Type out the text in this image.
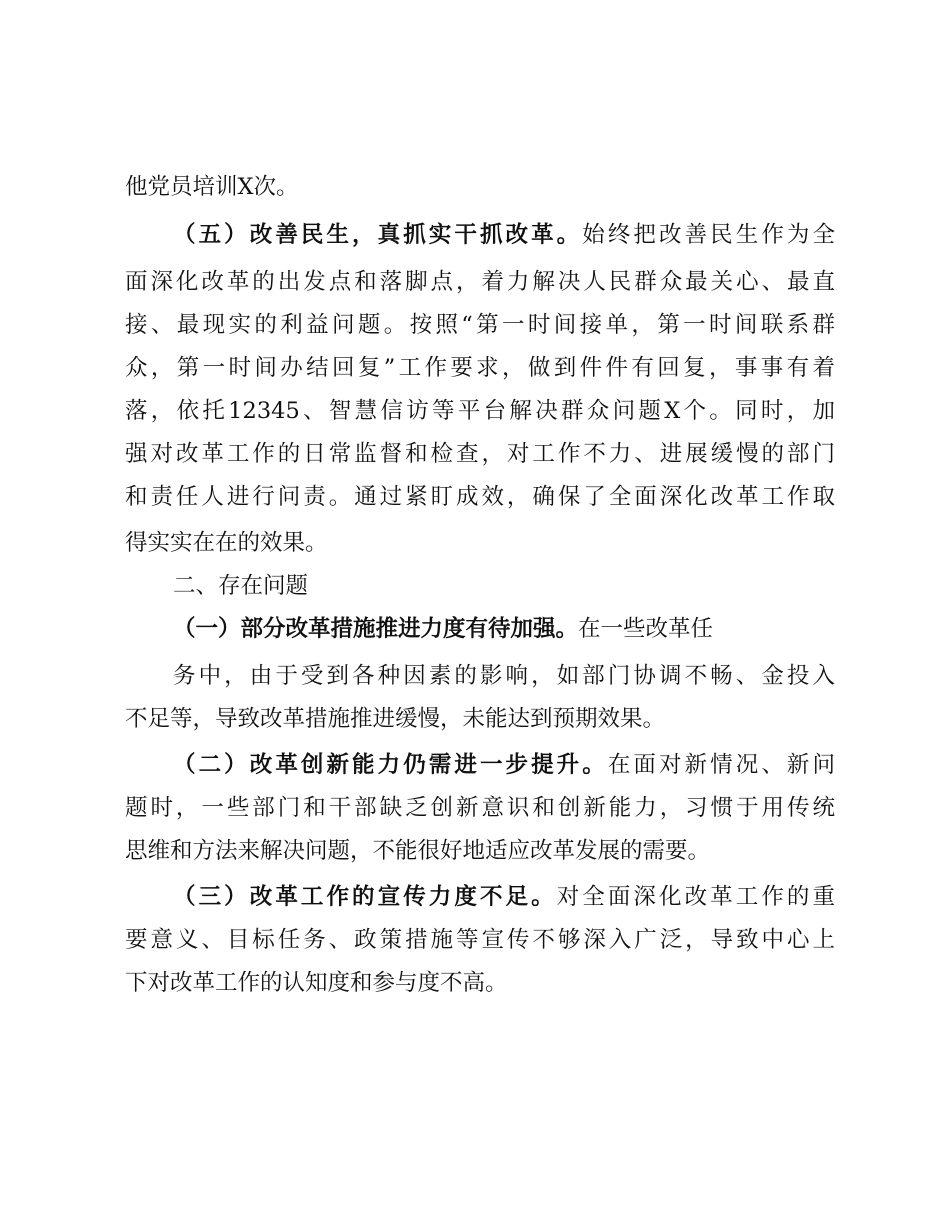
他党员培训X次。
（五）改善民生，真抓实干抓改革。始终把改善民生作为全
面深化改革的出发点和落脚点，着力解决人民群众最关心、最直
接、最现实的利益问题。按照“第一时间接单，第一时间联系群
众，第一时间办结回复”工作要求，做到件件有回复，事事有着
落，依托12345、智慧信访等平台解决群众问题X个。同时，加
强对改革工作的日常监督和检查，对工作不力、进展缓慢的部门
和责任人进行问责。通过紧盯成效，确保了全面深化改革工作取
得实实在在的效果。
二、存在问题
（一）部分改革措施推进力度有待加强。在一些改革任
务中，由于受到各种因素的影响，如部门协调不畅、金投入
不足等，导致改革措施推进缓慢，未能达到预期效果。
（二）改革创新能力仍需进一步提升。在面对新情况、新问
题时，一些部门和干部缺乏创新意识和创新能力，习惯于用传统
思维和方法来解决问题，不能很好地适应改革发展的需要。
（三）改革工作的宣传力度不足。对全面深化改革工作的重
要意义、目标任务、政策措施等宣传不够深入广泛，导致中心上
下对改革工作的认知度和参与度不高。
